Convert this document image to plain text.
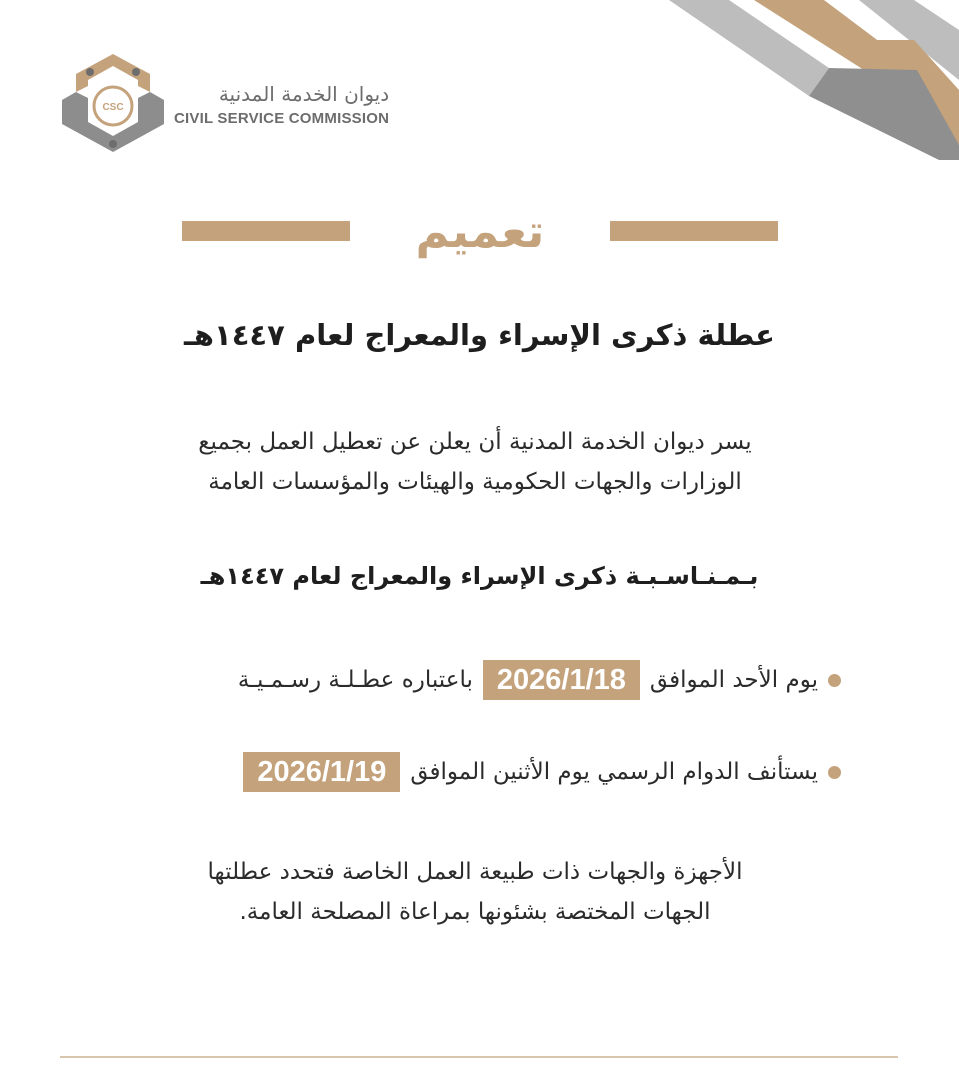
CSC
ديوان الخدمة المدنية
CIVIL SERVICE COMMISSION
تعميم
عطلة ذكرى الإسراء والمعراج لعام ١٤٤٧هـ
يسر ديوان الخدمة المدنية أن يعلن عن تعطيل العمل بجميع
الوزارات والجهات الحكومية والهيئات والمؤسسات العامة
بـمـنـاسـبـة ذكرى الإسراء والمعراج لعام ١٤٤٧هـ
يوم الأحد الموافق
2026/1/18
باعتباره عطـلـة رسـمـيـة
يستأنف الدوام الرسمي يوم الأثنين الموافق
2026/1/19
الأجهزة والجهات ذات طبيعة العمل الخاصة فتحدد عطلتها
الجهات المختصة بشئونها بمراعاة المصلحة العامة.
